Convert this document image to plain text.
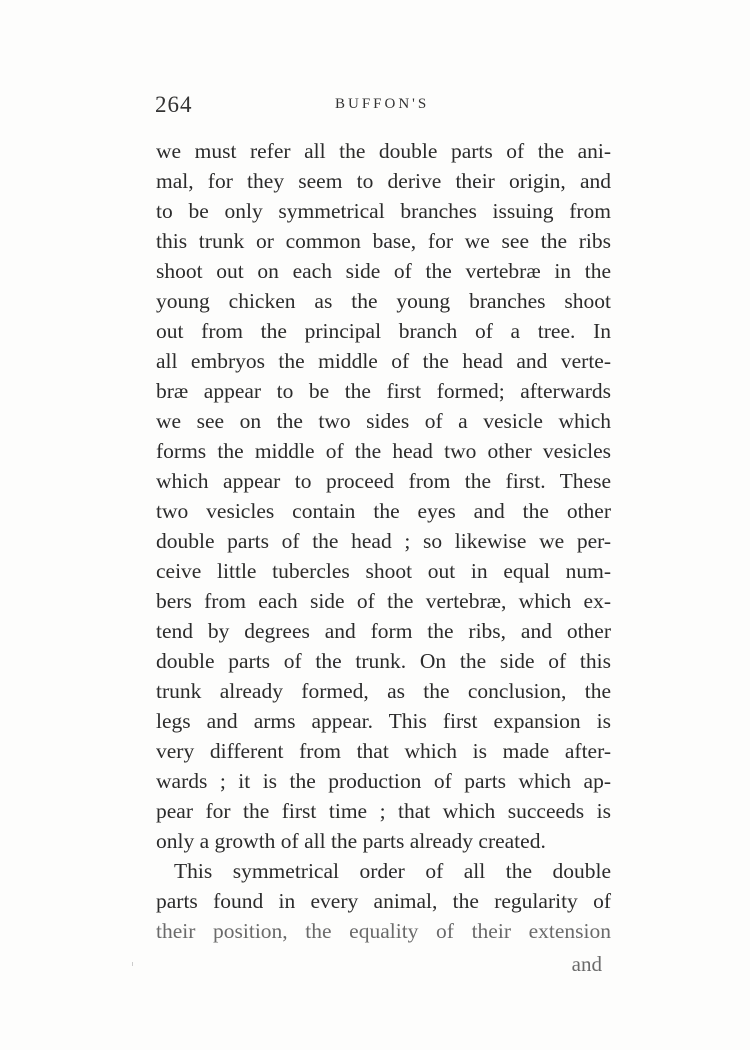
264	BUFFON'S
we must refer all the double parts of the ani-
mal, for they seem to derive their origin, and
to be only symmetrical branches issuing from
this trunk or common base, for we see the ribs
shoot out on each side of the vertebræ in the
young chicken as the young branches shoot
out from the principal branch of a tree. In
all embryos the middle of the head and verte-
bræ appear to be the first formed; afterwards
we see on the two sides of a vesicle which
forms the middle of the head two other vesicles
which appear to proceed from the first. These
two vesicles contain the eyes and the other
double parts of the head ; so likewise we per-
ceive little tubercles shoot out in equal num-
bers from each side of the vertebræ, which ex-
tend by degrees and form the ribs, and other
double parts of the trunk. On the side of this
trunk already formed, as the conclusion, the
legs and arms appear. This first expansion is
very different from that which is made after-
wards ; it is the production of parts which ap-
pear for the first time ; that which succeeds is
only a growth of all the parts already created.
This symmetrical order of all the double
parts found in every animal, the regularity of
their position, the equality of their extension
and
